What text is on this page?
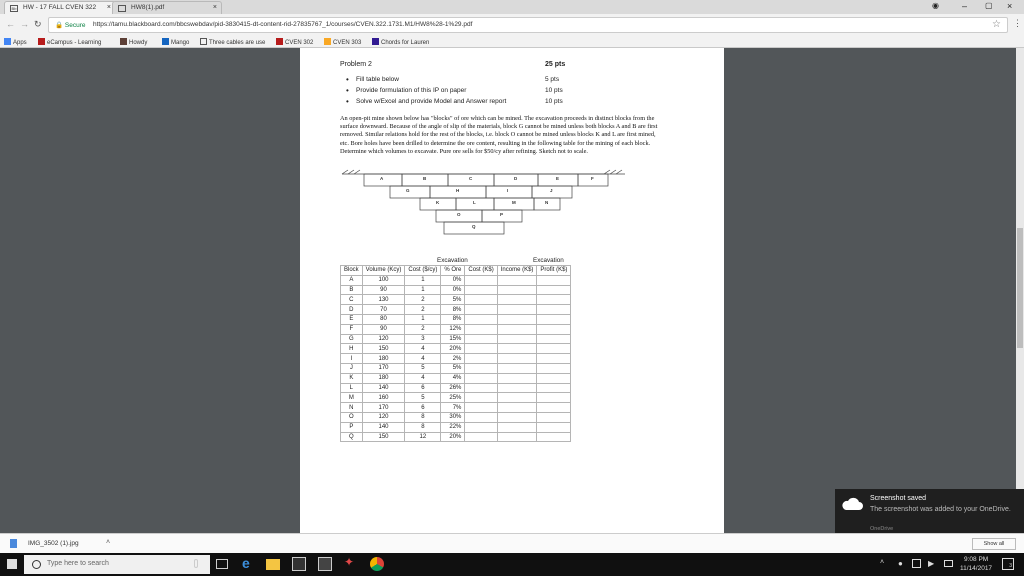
Bb HW - 17 FALL CVEN 322 ×	HW8(1).pdf	×	◉	– ▢ ×
← → ↻ 🔒 Secure https://tamu.blackboard.com/bbcswebdav/pid-3830415-dt-content-rid-27835767_1/courses/CVEN.322.1731.M1/HW8%28-1%29.pdf	☆ ⋮
Apps	eCampus - Learning	Howdy	Mango	Three cables are use	CVEN 302	CVEN 303	Chords for Lauren
Problem 2	25 pts
• Fill table below	5 pts
• Provide formulation of this IP on paper	10 pts
• Solve w/Excel and provide Model and Answer report	10 pts

An open-pit mine shown below has "blocks" of ore which can be mined. The excavation proceeds in distinct blocks from the surface downward. Because of the angle of slip of the materials, block G cannot be mined unless both blocks A and B are first removed. Similar relations hold for the rest of the blocks, i.e. block O cannot be mined unless blocks K and L are first mined, etc. Bore holes have been drilled to determine the ore content, resulting in the following table for the mining of each block. Determine which volumes to excavate. Pure ore sells for $50/cy after refining. Sketch not to scale.

A	B	C	D	E	F
G	H	I	J
K	L	M	N
O	P
Q
Excavation	Excavation
Block	Volume (Kcy)	Cost ($/cy)	% Ore	Cost (K$)	Income (K$)	Profit (K$)
A	100	1	0%			
B	90	1	0%			
C	130	2	5%			
D	70	2	8%			
E	80	1	8%			
F	90	2	12%			
G	120	3	15%			
H	150	4	20%			
I	180	4	2%			
J	170	5	5%			
K	180	4	4%			
L	140	6	26%			
M	160	5	25%			
N	170	6	7%			
O	120	8	30%			
P	140	8	22%			
Q	150	12	20%			
Screenshot saved
The screenshot was added to your OneDrive.
OneDrive
IMG_3502 (1).jpg	˄	Show all
Type here to search	e	✦	˄ ●	▶	9:08 PM
11/14/2017	3
